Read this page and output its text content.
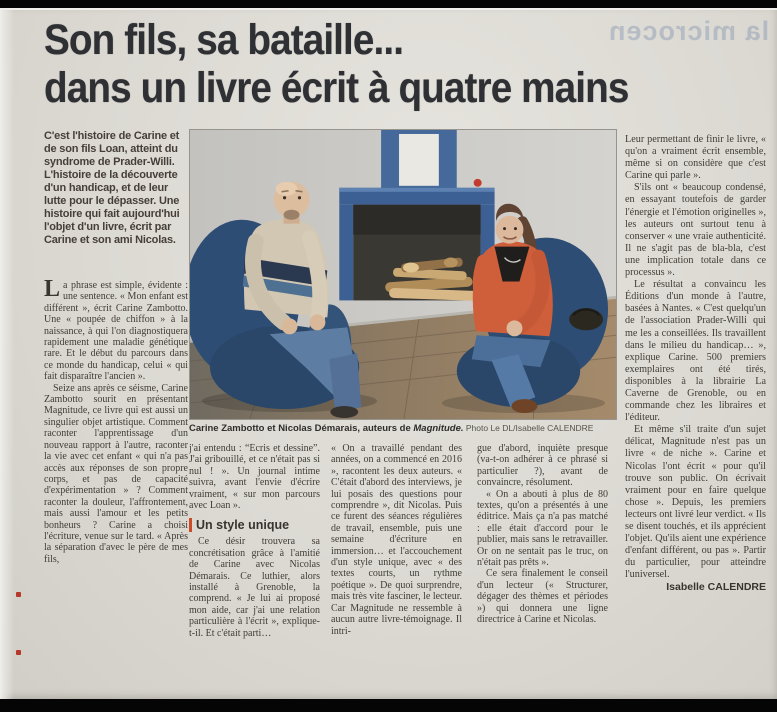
la microcen
Son fils, sa bataille...
dans un livre écrit à quatre mains
C'est l'histoire de Carine et de son fils Loan, atteint du syndrome de Prader-Willi. L'histoire de la découverte d'un handicap, et de leur lutte pour le dépasser. Une histoire qui fait aujourd'hui l'objet d'un livre, écrit par Carine et son ami Nicolas.

La phrase est simple, évidente : une sentence. « Mon enfant est différent », écrit Carine Zambotto. Une « poupée de chiffon » à la naissance, à qui l'on diagnostiquera rapidement une maladie génétique rare. Et le début du parcours dans ce monde du handicap, celui « qui fait disparaître l'ancien ».

Seize ans après ce séisme, Carine Zambotto sourit en présentant Magnitude, ce livre qui est aussi un singulier objet artistique. Comment raconter l'apprentissage d'un nouveau rapport à l'autre, raconter la vie avec cet enfant « qui n'a pas accès aux réponses de son propre corps, et pas de capacité d'expérimentation » ? Comment raconter la douleur, l'affrontement, mais aussi l'amour et les petits bonheurs ? Carine a choisi l'écriture, venue sur le tard. « Après la séparation d'avec le père de mes fils,

Carine Zambotto et Nicolas Démarais, auteurs de Magnitude. Photo Le DL/Isabelle CALENDRE

j'ai entendu : “Écris et dessine”. J'ai gribouillé, et ce n'était pas si nul ! ». Un journal intime suivra, avant l'envie d'écrire vraiment, « sur mon parcours avec Loan ».

Un style unique

Ce désir trouvera sa concrétisation grâce à l'amitié de Carine avec Nicolas Démarais. Ce luthier, alors installé à Grenoble, la comprend. « Je lui ai proposé mon aide, car j'ai une relation particulière à l'écrit », explique-t-il. Et c'était parti…

« On a travaillé pendant des années, on a commencé en 2016 », racontent les deux auteurs. « C'était d'abord des interviews, je lui posais des questions pour comprendre », dit Nicolas. Puis ce furent des séances régulières de travail, ensemble, puis une semaine d'écriture en immersion… et l'accouchement d'un style unique, avec « des textes courts, un rythme poétique ». De quoi surprendre, mais très vite fasciner, le lecteur. Car Magnitude ne ressemble à aucun autre livre-témoignage. Il intri-

gue d'abord, inquiète presque (va-t-on adhérer à ce phrasé si particulier ?), avant de convaincre, résolument.

« On a abouti à plus de 80 textes, qu'on a présentés à une éditrice. Mais ça n'a pas matché : elle était d'accord pour le publier, mais sans le retravailler. Or on ne sentait pas le truc, on n'était pas prêts ».

Ce sera finalement le conseil d'un lecteur (« Structurer, dégager des thèmes et périodes ») qui donnera une ligne directrice à Carine et Nicolas.

Leur permettant de finir le livre, « qu'on a vraiment écrit ensemble, même si on considère que c'est Carine qui parle ».

S'ils ont « beaucoup condensé, en essayant toutefois de garder l'énergie et l'émotion originelles », les auteurs ont surtout tenu à conserver « une vraie authenticité. Il ne s'agit pas de bla-bla, c'est une implication totale dans ce processus ».

Le résultat a convaincu les Éditions d'un monde à l'autre, basées à Nantes. « C'est quelqu'un de l'association Prader-Willi qui me les a conseillées. Ils travaillent dans le milieu du handicap… », explique Carine. 500 premiers exemplaires ont été tirés, disponibles à la librairie La Caverne de Grenoble, ou en commande chez les libraires et l'éditeur.

Et même s'il traite d'un sujet délicat, Magnitude n'est pas un livre « de niche ». Carine et Nicolas l'ont écrit « pour qu'il trouve son public. On écrivait vraiment pour en faire quelque chose ». Depuis, les premiers lecteurs ont livré leur verdict. « Ils se disent touchés, et ils apprécient l'objet. Qu'ils aient une expérience d'enfant différent, ou pas ». Partir du particulier, pour atteindre l'universel.

Isabelle CALENDRE
